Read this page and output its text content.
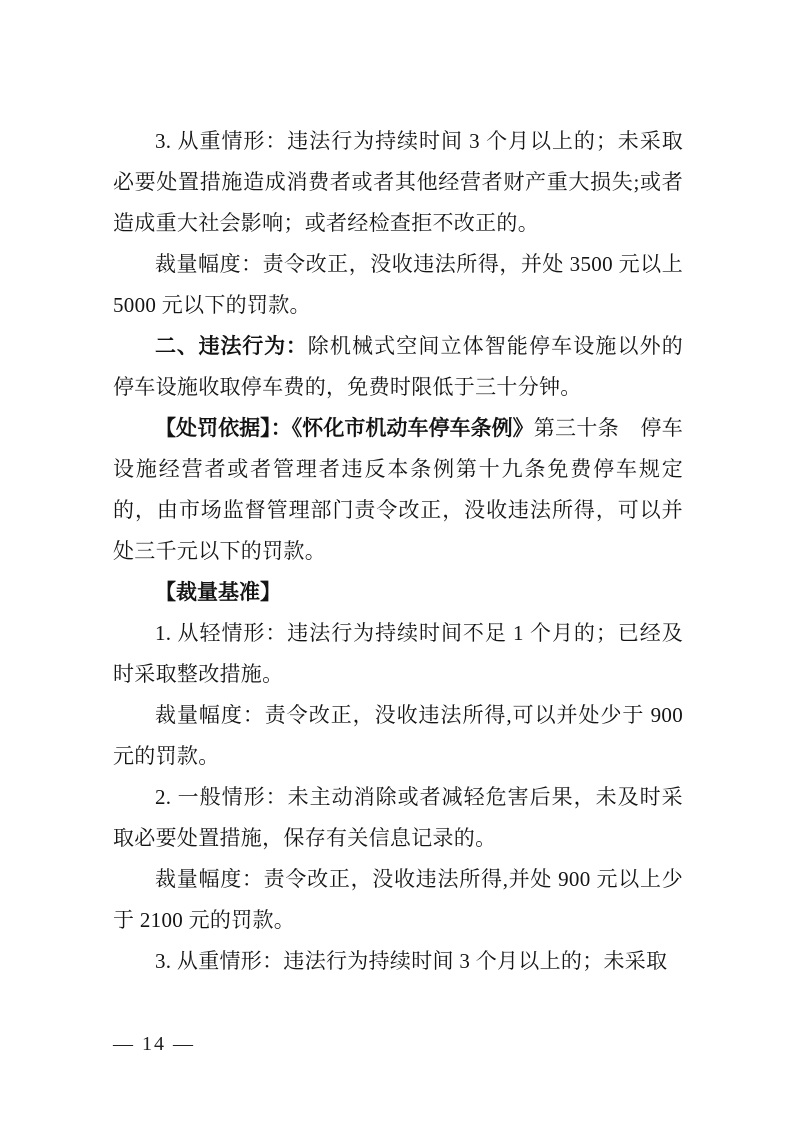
3. 从重情形：违法行为持续时间 3 个月以上的；未采取必要处置措施造成消费者或者其他经营者财产重大损失;或者造成重大社会影响；或者经检查拒不改正的。

裁量幅度：责令改正，没收违法所得，并处 3500 元以上 5000 元以下的罚款。

二、违法行为：除机械式空间立体智能停车设施以外的停车设施收取停车费的，免费时限低于三十分钟。

【处罚依据】：《怀化市机动车停车条例》第三十条　停车设施经营者或者管理者违反本条例第十九条免费停车规定的，由市场监督管理部门责令改正，没收违法所得，可以并处三千元以下的罚款。

【裁量基准】

1. 从轻情形：违法行为持续时间不足 1 个月的；已经及时采取整改措施。

裁量幅度：责令改正，没收违法所得,可以并处少于 900 元的罚款。

2. 一般情形：未主动消除或者减轻危害后果，未及时采取必要处置措施，保存有关信息记录的。

裁量幅度：责令改正，没收违法所得,并处 900 元以上少于 2100 元的罚款。

3. 从重情形：违法行为持续时间 3 个月以上的；未采取

— 14 —
